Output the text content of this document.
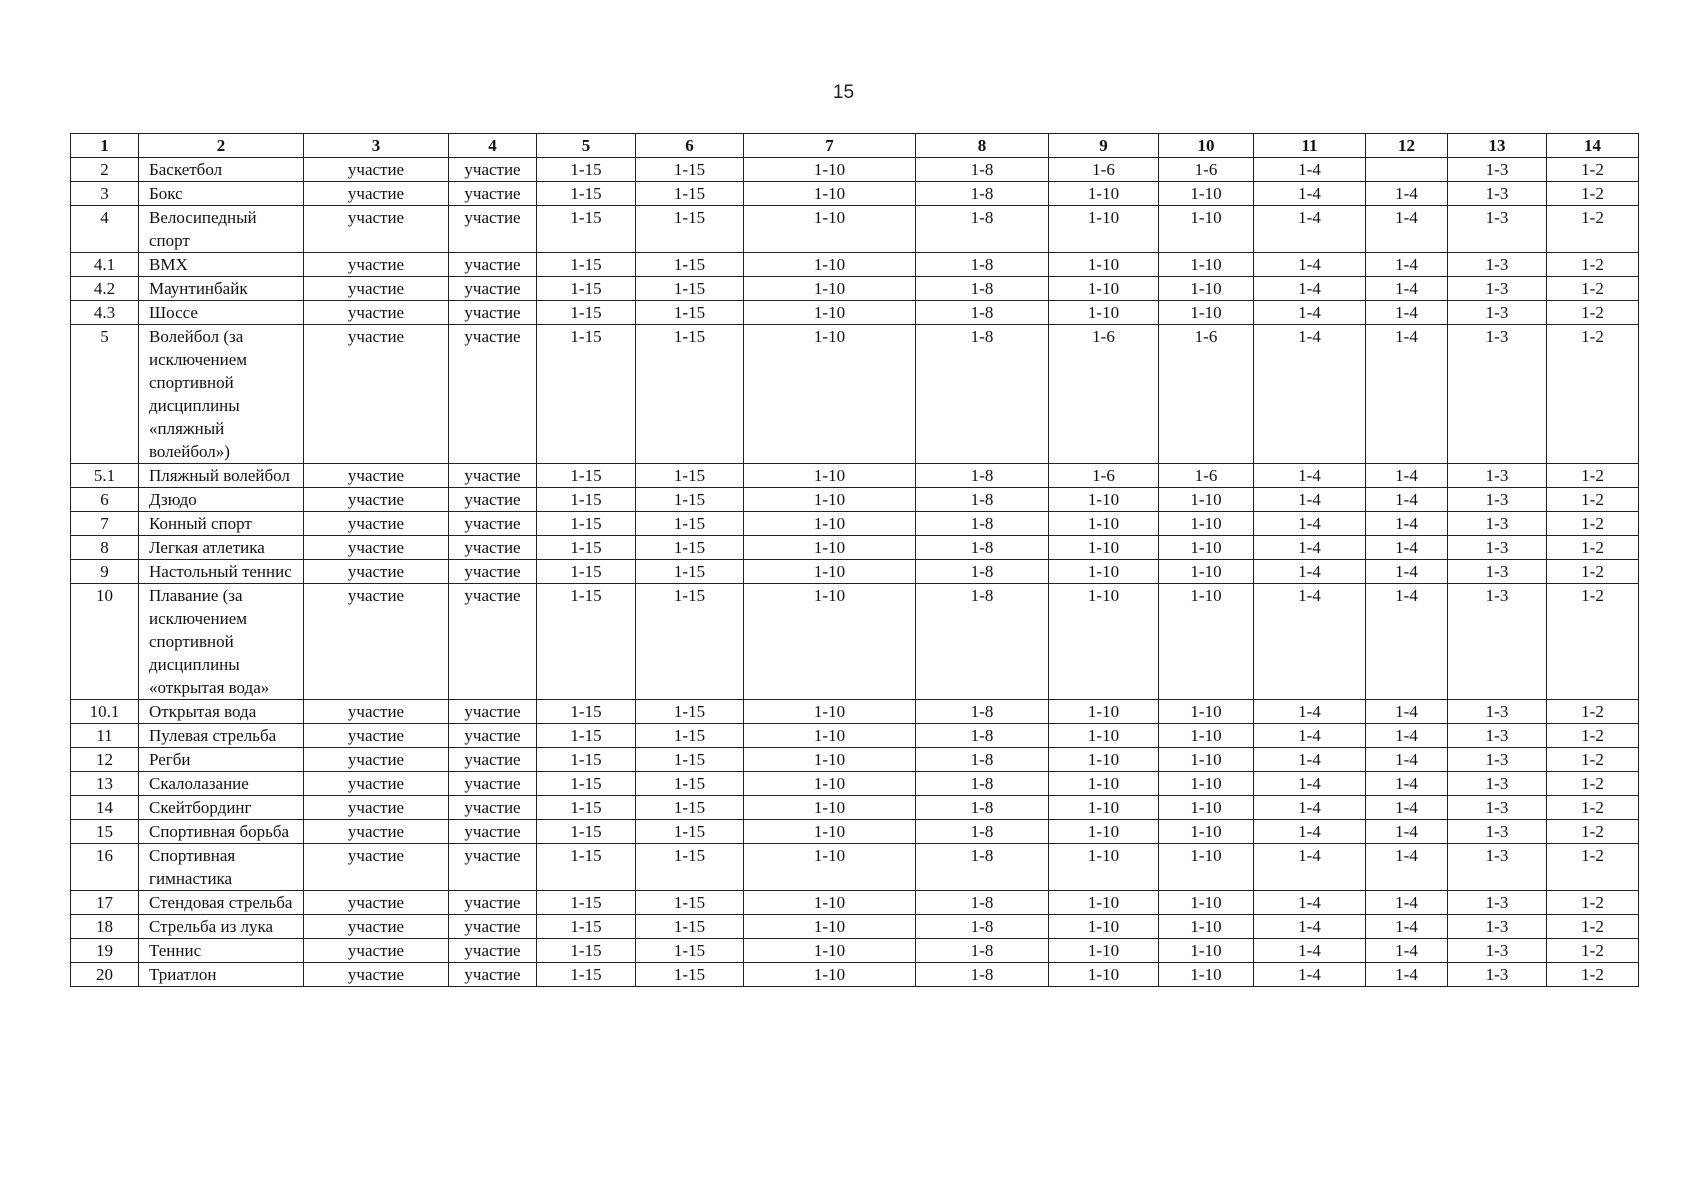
15
1	2	3	4	5	6	7	8	9	10	11	12	13	14
2	Баскетбол	участие	участие	1-15	1-15	1-10	1-8	1-6	1-6	1-4		1-3	1-2
3	Бокс	участие	участие	1-15	1-15	1-10	1-8	1-10	1-10	1-4	1-4	1-3	1-2
4	Велосипедный спорт	участие	участие	1-15	1-15	1-10	1-8	1-10	1-10	1-4	1-4	1-3	1-2
4.1	BMX	участие	участие	1-15	1-15	1-10	1-8	1-10	1-10	1-4	1-4	1-3	1-2
4.2	Маунтинбайк	участие	участие	1-15	1-15	1-10	1-8	1-10	1-10	1-4	1-4	1-3	1-2
4.3	Шоссе	участие	участие	1-15	1-15	1-10	1-8	1-10	1-10	1-4	1-4	1-3	1-2
5	Волейбол (за исключением спортивной дисциплины «пляжный волейбол»)	участие	участие	1-15	1-15	1-10	1-8	1-6	1-6	1-4	1-4	1-3	1-2
5.1	Пляжный волейбол	участие	участие	1-15	1-15	1-10	1-8	1-6	1-6	1-4	1-4	1-3	1-2
6	Дзюдо	участие	участие	1-15	1-15	1-10	1-8	1-10	1-10	1-4	1-4	1-3	1-2
7	Конный спорт	участие	участие	1-15	1-15	1-10	1-8	1-10	1-10	1-4	1-4	1-3	1-2
8	Легкая атлетика	участие	участие	1-15	1-15	1-10	1-8	1-10	1-10	1-4	1-4	1-3	1-2
9	Настольный теннис	участие	участие	1-15	1-15	1-10	1-8	1-10	1-10	1-4	1-4	1-3	1-2
10	Плавание (за исключением спортивной дисциплины «открытая вода»	участие	участие	1-15	1-15	1-10	1-8	1-10	1-10	1-4	1-4	1-3	1-2
10.1	Открытая вода	участие	участие	1-15	1-15	1-10	1-8	1-10	1-10	1-4	1-4	1-3	1-2
11	Пулевая стрельба	участие	участие	1-15	1-15	1-10	1-8	1-10	1-10	1-4	1-4	1-3	1-2
12	Регби	участие	участие	1-15	1-15	1-10	1-8	1-10	1-10	1-4	1-4	1-3	1-2
13	Скалолазание	участие	участие	1-15	1-15	1-10	1-8	1-10	1-10	1-4	1-4	1-3	1-2
14	Скейтбординг	участие	участие	1-15	1-15	1-10	1-8	1-10	1-10	1-4	1-4	1-3	1-2
15	Спортивная борьба	участие	участие	1-15	1-15	1-10	1-8	1-10	1-10	1-4	1-4	1-3	1-2
16	Спортивная гимнастика	участие	участие	1-15	1-15	1-10	1-8	1-10	1-10	1-4	1-4	1-3	1-2
17	Стендовая стрельба	участие	участие	1-15	1-15	1-10	1-8	1-10	1-10	1-4	1-4	1-3	1-2
18	Стрельба из лука	участие	участие	1-15	1-15	1-10	1-8	1-10	1-10	1-4	1-4	1-3	1-2
19	Теннис	участие	участие	1-15	1-15	1-10	1-8	1-10	1-10	1-4	1-4	1-3	1-2
20	Триатлон	участие	участие	1-15	1-15	1-10	1-8	1-10	1-10	1-4	1-4	1-3	1-2
